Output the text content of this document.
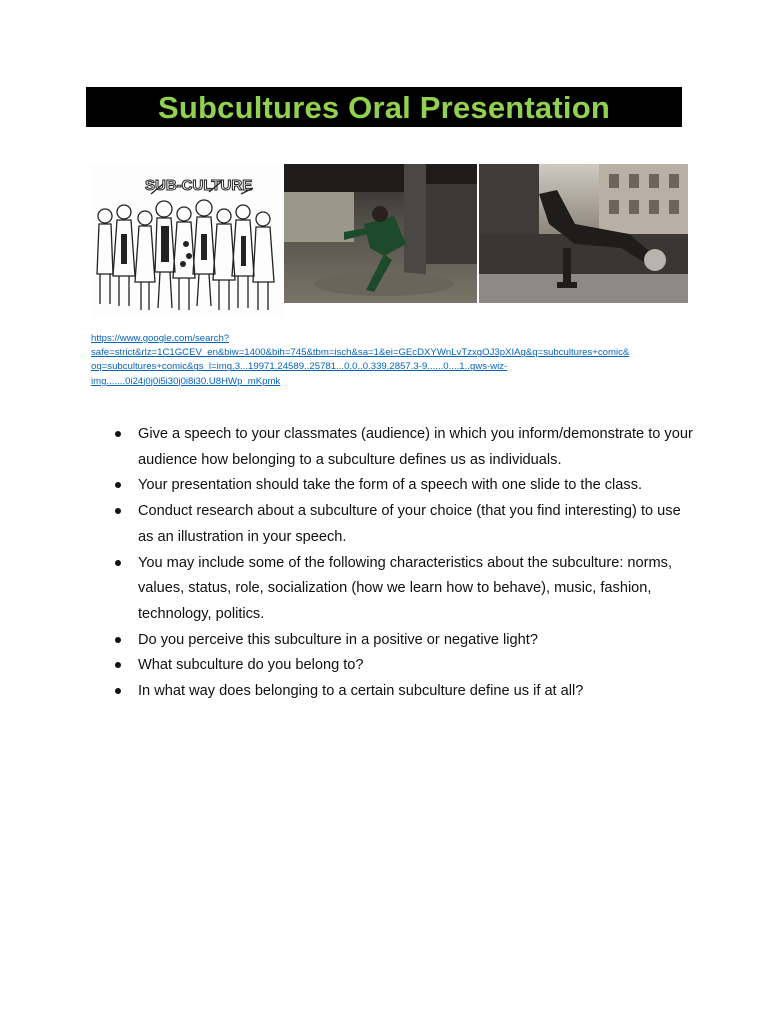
Subcultures Oral Presentation
SUB-CULTURE

https://www.google.com/search?
safe=strict&rlz=1C1GCEV_en&biw=1400&bih=745&tbm=isch&sa=1&ei=GEcDXYWnLvTzxgOJ3pXIAg&q=subcultures+comic&
oq=subcultures+comic&gs_l=img.3...19971.24589..25781...0.0..0.339.2857.3-9......0....1..gws-wiz-
img.......0i24j0j0i5i30j0i8i30.U8HWp_mKpmk

Give a speech to your classmates (audience) in which you inform/demonstrate to your audience how belonging to a subculture defines us as individuals.
Your presentation should take the form of a speech with one slide to the class.
Conduct research about a subculture of your choice (that you find interesting) to use as an illustration in your speech.
You may include some of the following characteristics about the subculture: norms, values, status, role, socialization (how we learn how to behave), music, fashion, technology, politics.
Do you perceive this subculture in a positive or negative light?
What subculture do you belong to?
In what way does belonging to a certain subculture define us if at all?
